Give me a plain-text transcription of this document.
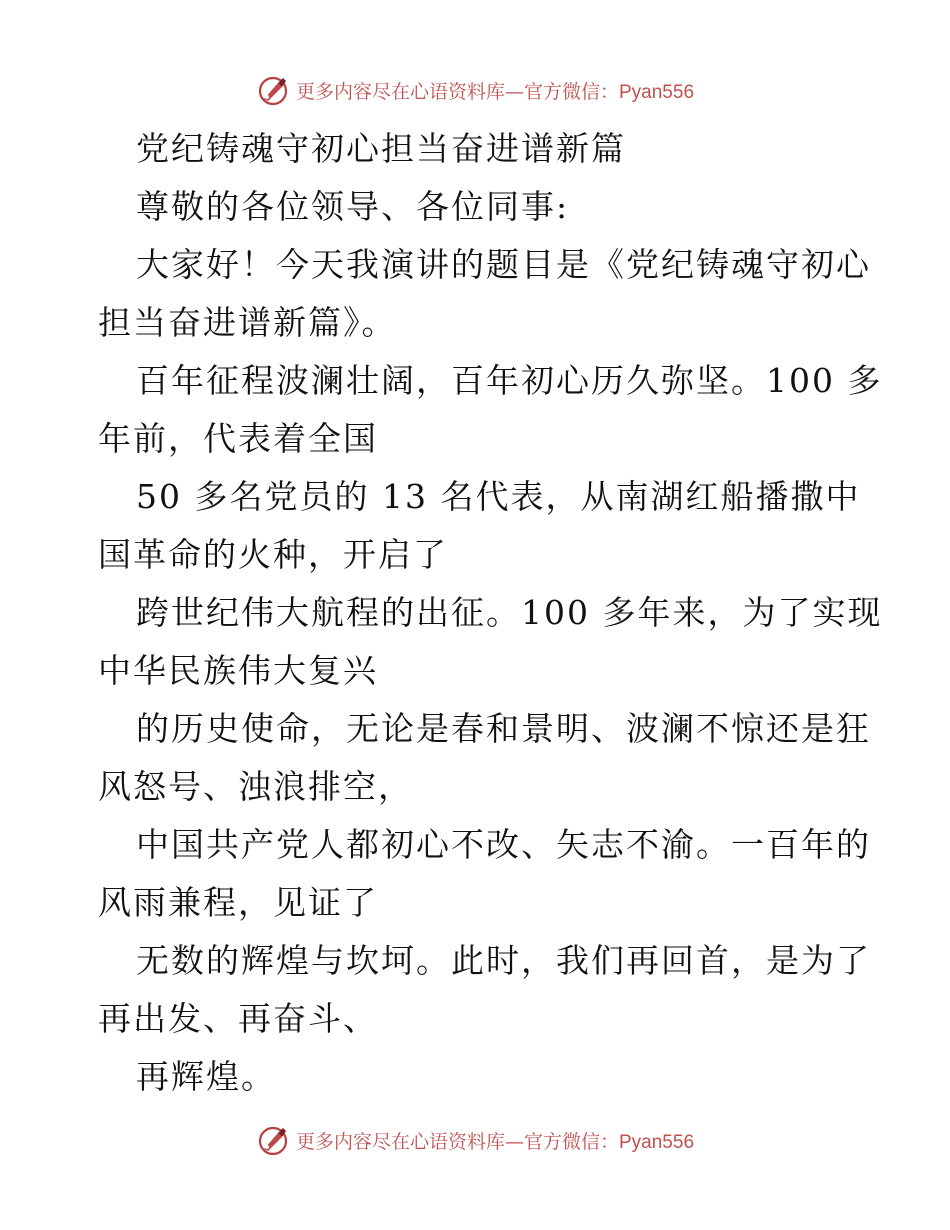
更多内容尽在心语资料库—官方微信：Pyan556
党纪铸魂守初心担当奋进谱新篇
尊敬的各位领导、各位同事:
大家好！今天我演讲的题目是《党纪铸魂守初心
担当奋进谱新篇》。
百年征程波澜壮阔，百年初心历久弥坚。100 多
年前，代表着全国
50 多名党员的 13 名代表，从南湖红船播撒中
国革命的火种，开启了
跨世纪伟大航程的出征。100 多年来，为了实现
中华民族伟大复兴
的历史使命，无论是春和景明、波澜不惊还是狂
风怒号、浊浪排空，
中国共产党人都初心不改、矢志不渝。一百年的
风雨兼程，见证了
无数的辉煌与坎坷。此时，我们再回首，是为了
再出发、再奋斗、
再辉煌。
更多内容尽在心语资料库—官方微信：Pyan556
